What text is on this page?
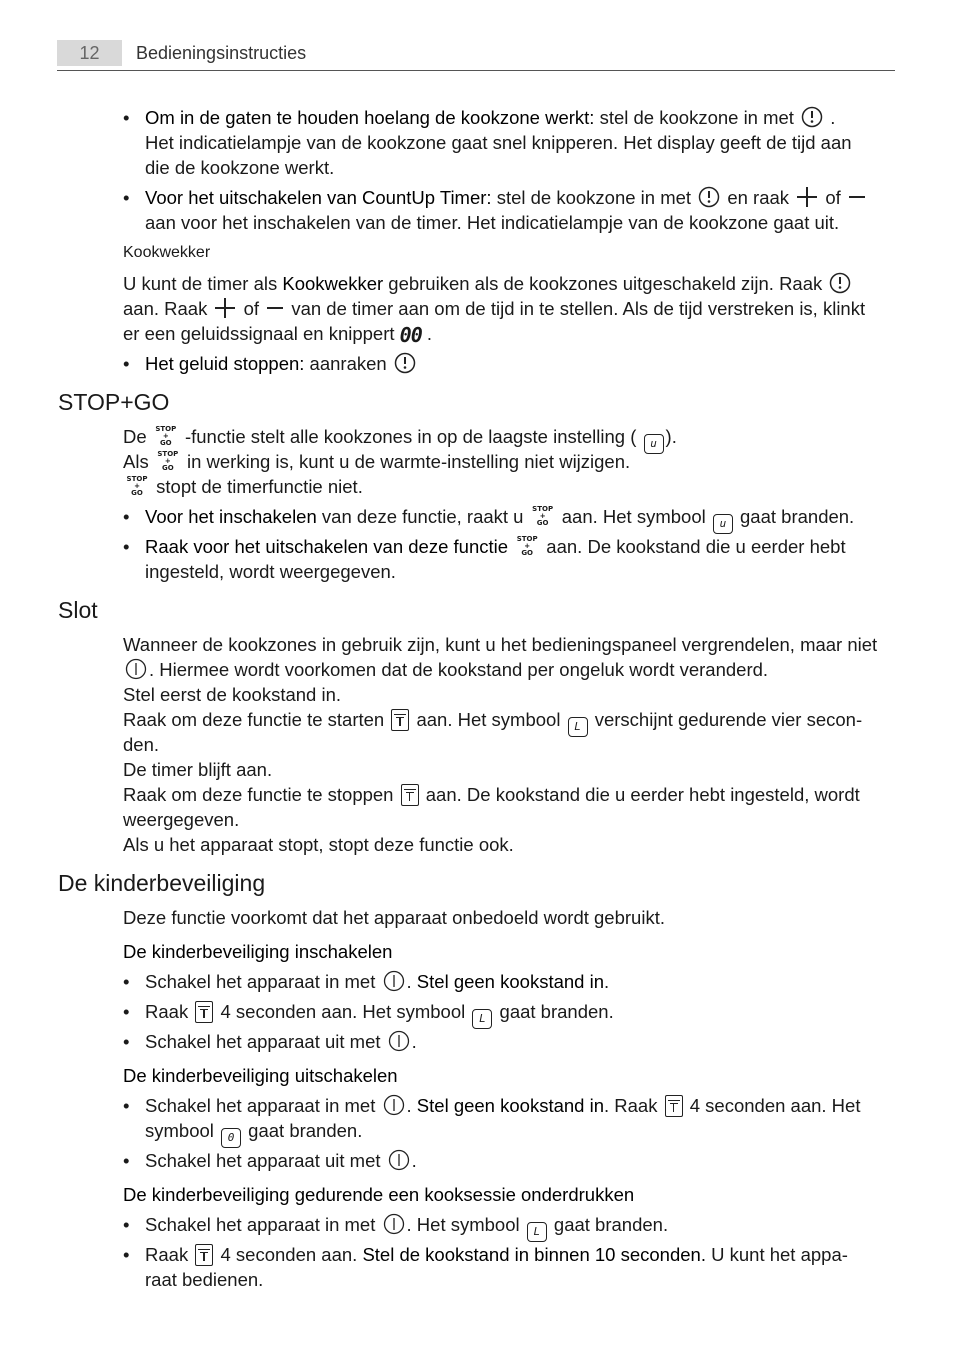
12	Bedieningsinstructies
• Om in de gaten te houden hoelang de kookzone werkt: stel de kookzone in met .
Het indicatielampje van de kookzone gaat snel knipperen. Het display geeft de tijd aan
die de kookzone werkt.
• Voor het uitschakelen van CountUp Timer: stel de kookzone in met
en raak
of
aan voor het inschakelen van de timer. Het indicatielampje van de kookzone gaat uit.
Kookwekker
U kunt de timer als Kookwekker gebruiken als de kookzones uitgeschakeld zijn. Raak
aan. Raak
of
van de timer aan om de tijd in te stellen. Als de tijd verstreken is, klinkt
er een geluidssignaal en knippert 00 .
• Het geluid stoppen: aanraken
STOP+GO
De	STOP
+
GO -functie stelt alle kookzones in op de laagste instelling ( u ).
Als	STOP
+
GO in werking is, kunt u de warmte-instelling niet wijzigen.
STOP
+
GO stopt de timerfunctie niet.
• Voor het inschakelen van deze functie, raakt u	STOP
+
GO aan. Het symbool u gaat branden.
• Raak voor het uitschakelen van deze functie	STOP
+
GO aan. De kookstand die u eerder hebt
ingesteld, wordt weergegeven.
Slot
Wanneer de kookzones in gebruik zijn, kunt u het bedieningspaneel vergrendelen, maar niet
. Hiermee wordt voorkomen dat de kookstand per ongeluk wordt veranderd.
Stel eerst de kookstand in.
Raak om deze functie te starten
aan. Het symbool L verschijnt gedurende vier secon-
den.
De timer blijft aan.
Raak om deze functie te stoppen
aan. De kookstand die u eerder hebt ingesteld, wordt
weergegeven.
Als u het apparaat stopt, stopt deze functie ook.
De kinderbeveiliging
Deze functie voorkomt dat het apparaat onbedoeld wordt gebruikt.
De kinderbeveiliging inschakelen
• Schakel het apparaat in met . Stel geen kookstand in.
• Raak
4 seconden aan. Het symbool L gaat branden.
• Schakel het apparaat uit met .
De kinderbeveiliging uitschakelen
• Schakel het apparaat in met . Stel geen kookstand in. Raak
4 seconden aan. Het
symbool 0 gaat branden.
• Schakel het apparaat uit met .
De kinderbeveiliging gedurende een kooksessie onderdrukken
• Schakel het apparaat in met . Het symbool L gaat branden.
• Raak
4 seconden aan. Stel de kookstand in binnen 10 seconden. U kunt het appa-
raat bedienen.
